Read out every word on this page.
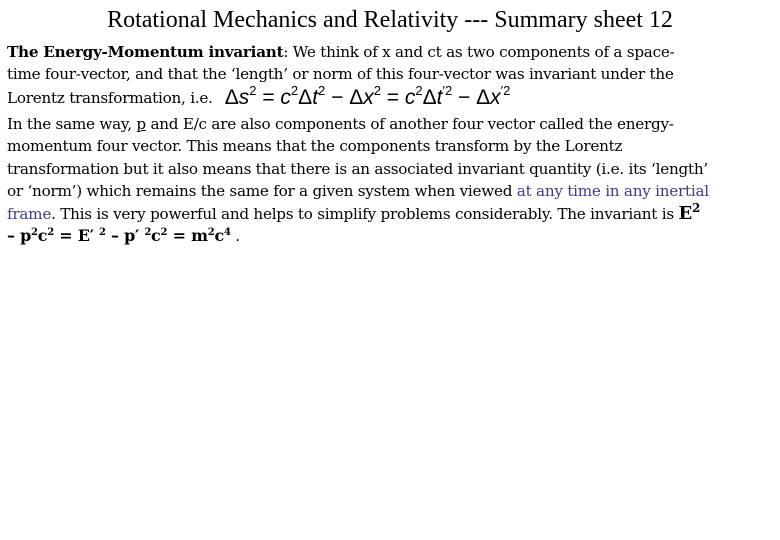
Rotational Mechanics and Relativity --- Summary sheet 12
The Energy-Momentum invariant: We think of x and ct as two components of a space-
time four-vector, and that the ‘length’ or norm of this four-vector was invariant under the
Lorentz transformation, i.e. $\Delta s^2 = c^2\Delta t^2 - \Delta x^2 = c^2\Delta t^{'2} - \Delta x^{'2}$
In the same way, p and E/c are also components of another four vector called the energy-
momentum four vector. This means that the components transform by the Lorentz
transformation but it also means that there is an associated invariant quantity (i.e. its ‘length’
or ‘norm’) which remains the same for a given system when viewed at any time in any inertial
frame. This is very powerful and helps to simplify problems considerably. The invariant is $E^2$
– $p^2c^2 = E'$ $^2$ – p′ $^2c^2 = m^2c^4$ .
